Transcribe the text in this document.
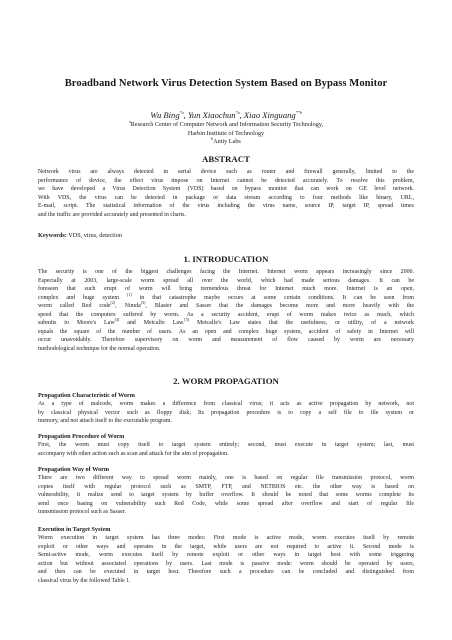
Broadband Network Virus Detection System Based on Bypass Monitor
Wu Bing$^{*a}$, Yun Xiaochun$^{*a}$, Xiao Xinguang$^{**b}$
$^a$Research Center of Computer Network and Information Security Technology,
Harbin Institute of Technology
$^b$Antiy Labs
ABSTRACT
Network virus are always detected in serial device such as router and firewall generally, limited to the
performance of device, the effect virus impose on Internet cannot be detected accurately. To resolve this problem,
we have developed a Virus Detection System (VDS) based on bypass monitor that can work on GE level network.
With VDS, the virus can be detected in package or data stream according to four methods like binary, URL,
E-mail, script. The statistical information of the virus including the virus name, source IP, target IP, spread times
and the traffic are provided accurately and presented in charts.
Keywords: VDS, virus, detection
1. INTRODUCATION
The security is one of the biggest challenges facing the Internet. Internet worm appears increasingly since 2000.
Especially at 2003, large-scale worm spread all over the world, which had made serious damages. It can be
foreseen that such erupt of worm will bring tremendous threat for Internet much more. Internet is an open,
complex and huge system [1] in that catastrophe maybe occurs at some certain conditions. It can be seen from
worm called Red code[2], Nimda[3], Blaster and Sasser that the damages become more and more heavily with the
speed that the computers suffered by worm. As a security accident, erupt of worm makes twice as much, which
submits to Moore's Law[4] and Metcalfe Law.[5] Metcalfe's Law states that the usefulness, or utility, of a network
equals the square of the number of users. As an open and complex huge system, accident of safety in Internet will
occur unavoidably. Therefore supervisory on worm and measurement of flow caused by worm are necessary
methodological technique for the normal operation.
2. WORM PROPAGATION
Propagation Characteristic of Worm
As a type of malcode, worm makes a difference from classical virus; it acts as active propagation by network, not
by classical physical vector such as floppy disk; Its propagation procedure is to copy a self file to file system or
memory, and not attach itself to the executable program.
Propagation Procedure of Worm
First, the worm must copy itself to target system entirely; second, must execute in target system; last, must
accompany with other action such as scan and attack for the aim of propagation.
Propagation Way of Worm
There are two different way to spread worm mainly, one is based on regular file transmission protocol, worm
copies itself with regular protocol such as SMTP, FTP, and NETBIOS etc. the other way is based on
vulnerability, it realize send to target system by buffer overflow. It should be noted that some worms complete its
send once basing on vulnerability such Red Code, while some spread after overflow and start of regular file
transmission protocol such as Sasser.
Execution in Target System
Worm execution in target system has three modes: First mode is active mode, worm executes itself by remote
exploit or other ways and operates in the target, while users are not required to active it. Second mode is
Semi-active mode, worm executes itself by remote exploit or other ways in target host with some triggering
action but without associated operations by users. Last mode is passive mode: worm should be operated by users,
and then can be executed in target host. Therefore such a procedure can be concluded and distinguished from
classical virus by the followed Table 1.
